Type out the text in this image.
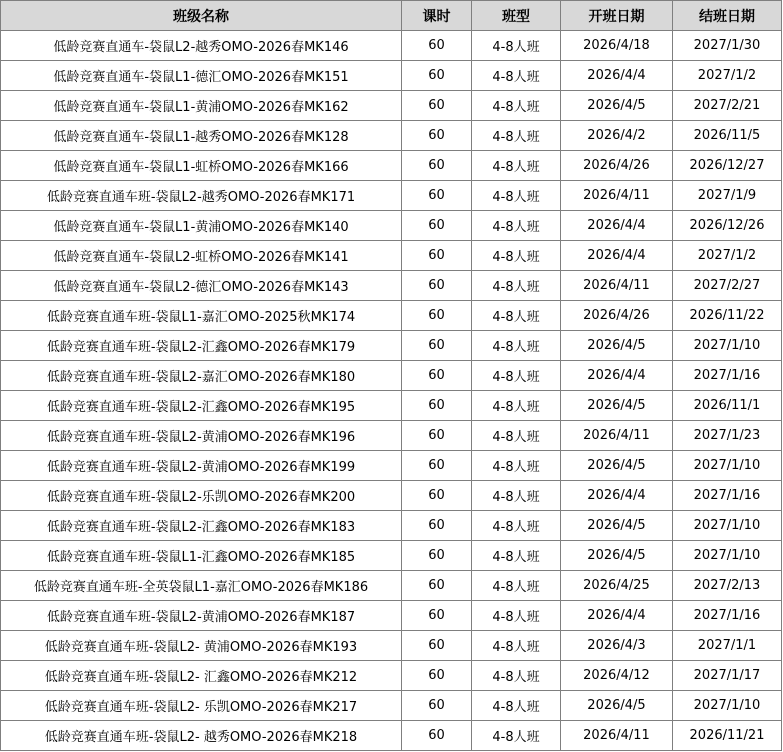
班级名称	课时	班型	开班日期	结班日期
低龄竞赛直通车-袋鼠L2-越秀OMO-2026春MK146	60	4-8人班	2026/4/18	2027/1/30
低龄竞赛直通车-袋鼠L1-德汇OMO-2026春MK151	60	4-8人班	2026/4/4	2027/1/2
低龄竞赛直通车-袋鼠L1-黄浦OMO-2026春MK162	60	4-8人班	2026/4/5	2027/2/21
低龄竞赛直通车-袋鼠L1-越秀OMO-2026春MK128	60	4-8人班	2026/4/2	2026/11/5
低龄竞赛直通车-袋鼠L1-虹桥OMO-2026春MK166	60	4-8人班	2026/4/26	2026/12/27
低龄竞赛直通车班-袋鼠L2-越秀OMO-2026春MK171	60	4-8人班	2026/4/11	2027/1/9
低龄竞赛直通车-袋鼠L1-黄浦OMO-2026春MK140	60	4-8人班	2026/4/4	2026/12/26
低龄竞赛直通车-袋鼠L2-虹桥OMO-2026春MK141	60	4-8人班	2026/4/4	2027/1/2
低龄竞赛直通车-袋鼠L2-德汇OMO-2026春MK143	60	4-8人班	2026/4/11	2027/2/27
低龄竞赛直通车班-袋鼠L1-嘉汇OMO-2025秋MK174	60	4-8人班	2026/4/26	2026/11/22
低龄竞赛直通车班-袋鼠L2-汇鑫OMO-2026春MK179	60	4-8人班	2026/4/5	2027/1/10
低龄竞赛直通车班-袋鼠L2-嘉汇OMO-2026春MK180	60	4-8人班	2026/4/4	2027/1/16
低龄竞赛直通车班-袋鼠L2-汇鑫OMO-2026春MK195	60	4-8人班	2026/4/5	2026/11/1
低龄竞赛直通车班-袋鼠L2-黄浦OMO-2026春MK196	60	4-8人班	2026/4/11	2027/1/23
低龄竞赛直通车班-袋鼠L2-黄浦OMO-2026春MK199	60	4-8人班	2026/4/5	2027/1/10
低龄竞赛直通车班-袋鼠L2-乐凯OMO-2026春MK200	60	4-8人班	2026/4/4	2027/1/16
低龄竞赛直通车班-袋鼠L2-汇鑫OMO-2026春MK183	60	4-8人班	2026/4/5	2027/1/10
低龄竞赛直通车班-袋鼠L1-汇鑫OMO-2026春MK185	60	4-8人班	2026/4/5	2027/1/10
低龄竞赛直通车班-全英袋鼠L1-嘉汇OMO-2026春MK186	60	4-8人班	2026/4/25	2027/2/13
低龄竞赛直通车班-袋鼠L2-黄浦OMO-2026春MK187	60	4-8人班	2026/4/4	2027/1/16
低龄竞赛直通车班-袋鼠L2- 黄浦OMO-2026春MK193	60	4-8人班	2026/4/3	2027/1/1
低龄竞赛直通车班-袋鼠L2- 汇鑫OMO-2026春MK212	60	4-8人班	2026/4/12	2027/1/17
低龄竞赛直通车班-袋鼠L2- 乐凯OMO-2026春MK217	60	4-8人班	2026/4/5	2027/1/10
低龄竞赛直通车班-袋鼠L2- 越秀OMO-2026春MK218	60	4-8人班	2026/4/11	2026/11/21
